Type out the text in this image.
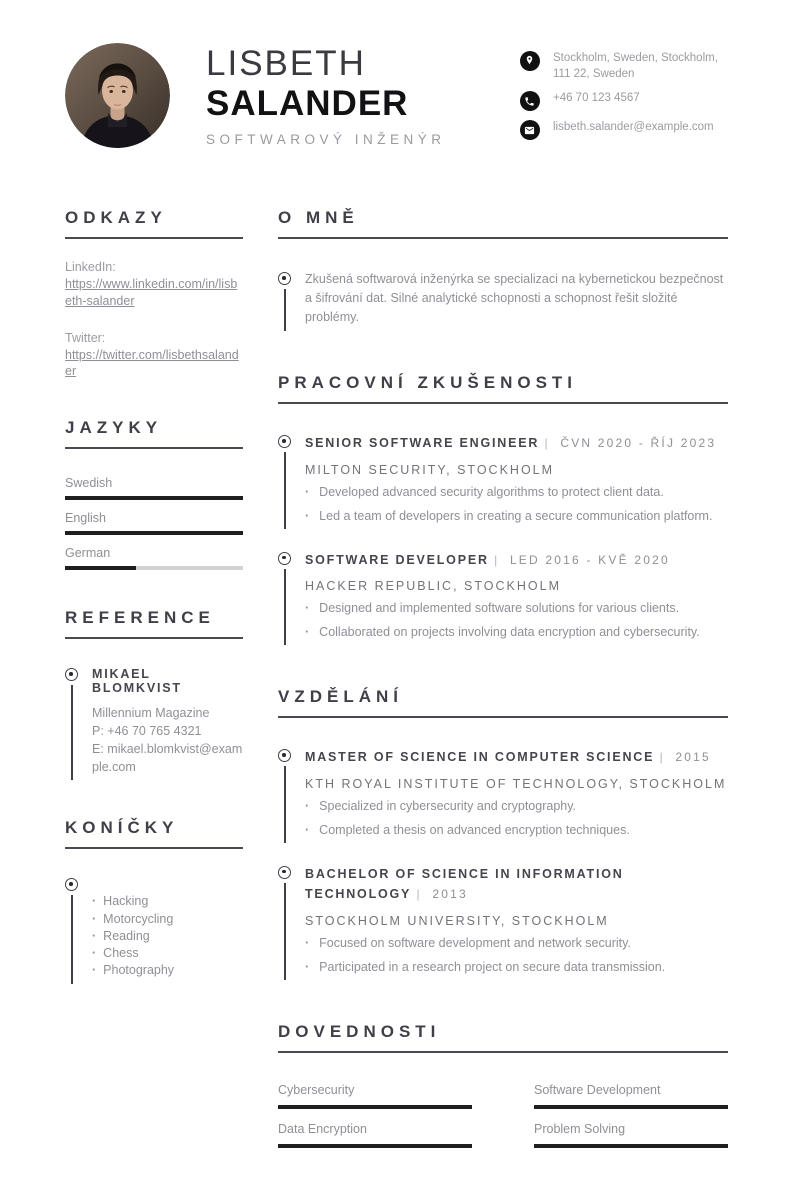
LISBETH
SALANDER
SOFTWAROVÝ INŽENÝR
Stockholm, Sweden, Stockholm, 111 22, Sweden
+46 70 123 4567
lisbeth.salander@example.com
ODKAZY
LinkedIn:
https://www.linkedin.com/in/lisbeth-salander
Twitter:
https://twitter.com/lisbethsalander
JAZYKY
Swedish
English
German
REFERENCE
MIKAEL BLOMKVIST
Millennium Magazine
P: +46 70 765 4321
E: mikael.blomkvist@example.com
KONÍČKY
· Hacking
· Motorcycling
· Reading
· Chess
· Photography
O MNĚ
Zkušená softwarová inženýrka se specializaci na kybernetickou bezpečnost a šifrování dat. Silné analytické schopnosti a schopnost řešit složité problémy.
PRACOVNÍ ZKUŠENOSTI
SENIOR SOFTWARE ENGINEER | ČVN 2020 - ŘÍJ 2023
MILTON SECURITY, STOCKHOLM
· Developed advanced security algorithms to protect client data.
· Led a team of developers in creating a secure communication platform.
SOFTWARE DEVELOPER | LED 2016 - KVĚ 2020
HACKER REPUBLIC, STOCKHOLM
· Designed and implemented software solutions for various clients.
· Collaborated on projects involving data encryption and cybersecurity.
VZDĚLÁNÍ
MASTER OF SCIENCE IN COMPUTER SCIENCE | 2015
KTH ROYAL INSTITUTE OF TECHNOLOGY, STOCKHOLM
· Specialized in cybersecurity and cryptography.
· Completed a thesis on advanced encryption techniques.
BACHELOR OF SCIENCE IN INFORMATION TECHNOLOGY | 2013
STOCKHOLM UNIVERSITY, STOCKHOLM
· Focused on software development and network security.
· Participated in a research project on secure data transmission.
DOVEDNOSTI
Cybersecurity	Software Development
Data Encryption	Problem Solving
